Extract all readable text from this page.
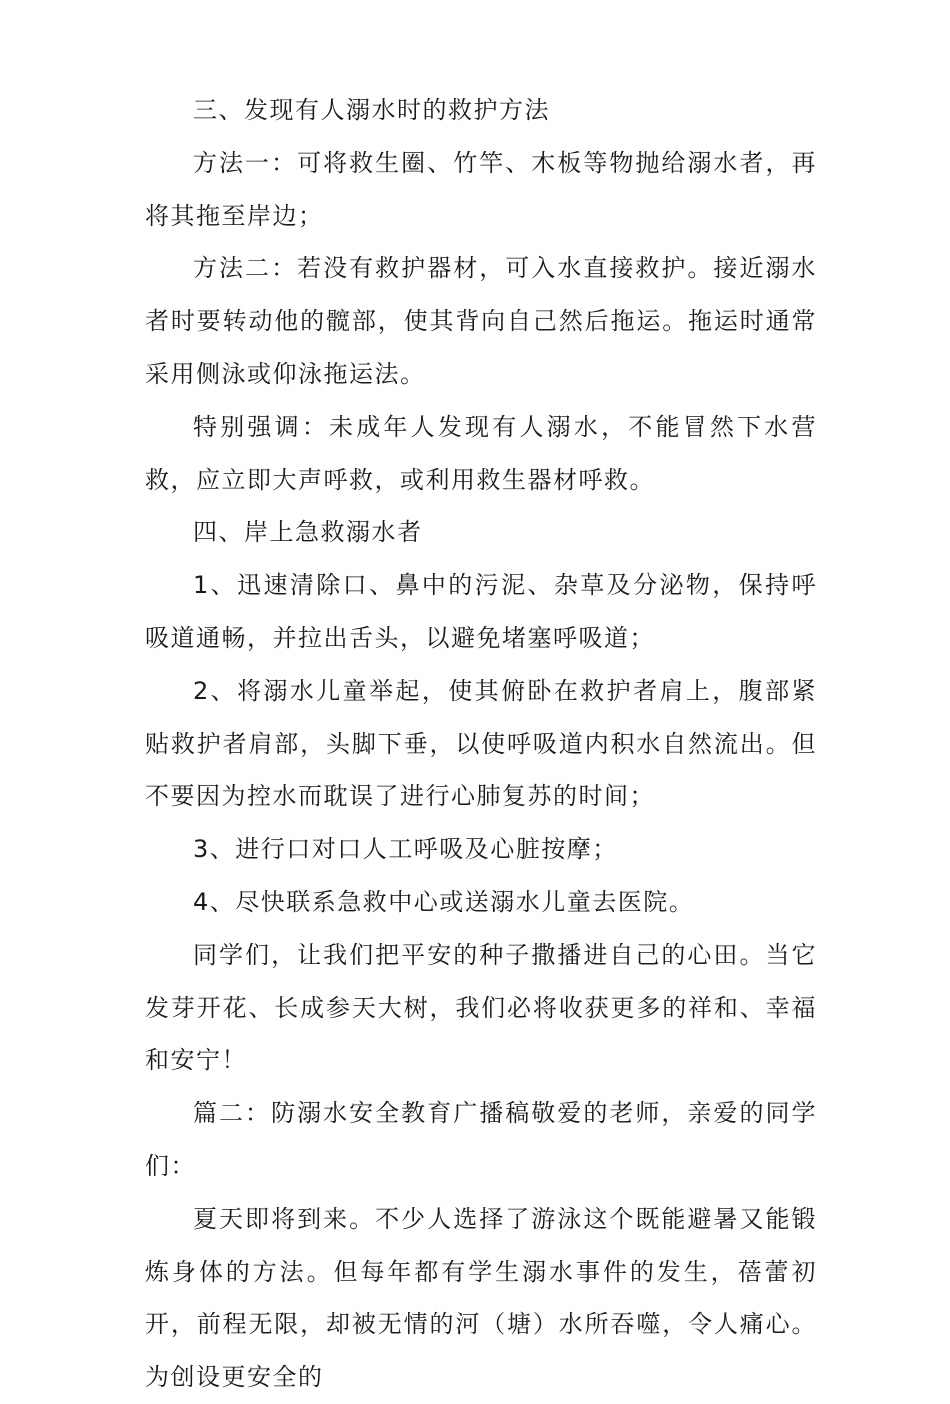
三、发现有人溺水时的救护方法

方法一：可将救生圈、竹竿、木板等物抛给溺水者，再将其拖至岸边；

方法二：若没有救护器材，可入水直接救护。接近溺水者时要转动他的髋部，使其背向自己然后拖运。拖运时通常采用侧泳或仰泳拖运法。

特别强调：未成年人发现有人溺水，不能冒然下水营救，应立即大声呼救，或利用救生器材呼救。

四、岸上急救溺水者

1、迅速清除口、鼻中的污泥、杂草及分泌物，保持呼吸道通畅，并拉出舌头，以避免堵塞呼吸道；

2、将溺水儿童举起，使其俯卧在救护者肩上，腹部紧贴救护者肩部，头脚下垂，以使呼吸道内积水自然流出。但不要因为控水而耽误了进行心肺复苏的时间；

3、进行口对口人工呼吸及心脏按摩；

4、尽快联系急救中心或送溺水儿童去医院。

同学们，让我们把平安的种子撒播进自己的心田。当它发芽开花、长成参天大树，我们必将收获更多的祥和、幸福和安宁！

篇二：防溺水安全教育广播稿敬爱的老师，亲爱的同学们：

夏天即将到来。不少人选择了游泳这个既能避暑又能锻炼身体的方法。但每年都有学生溺水事件的发生，蓓蕾初开，前程无限，却被无情的河（塘）水所吞噬，令人痛心。为创设更安全的
